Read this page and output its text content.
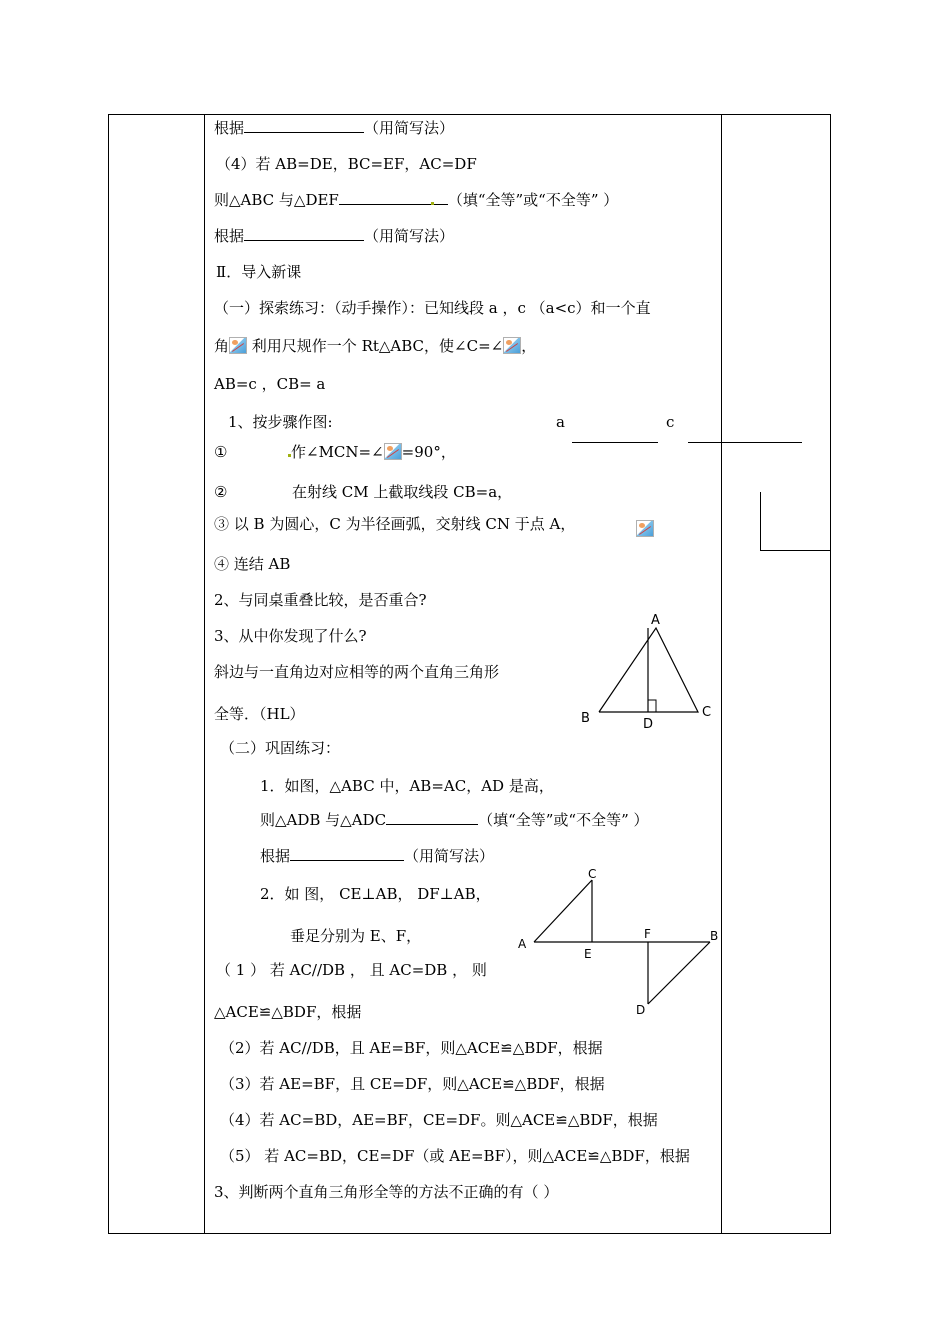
根据	（用简写法）
（4）若 AB=DE，BC=EF，AC=DF
则△ABC 与△DEF	（填“全等”或“不全等” ）
根据	（用简写法）
Ⅱ．导入新课
（一）探索练习：（动手操作）：已知线段 a ，c （a<c）和一个直
角 利用尺规作一个 Rt△ABC，使∠C=∠ ，
AB=c ，CB= a
1、按步骤作图:	a	c
①	作∠MCN=∠ =90°，
②	在射线 CM 上截取线段 CB=a，
③ 以 B 为圆心，C 为半径画弧，交射线 CN 于点 A，
④ 连结 AB
2、与同桌重叠比较，是否重合?
3、从中你发现了什么?
斜边与一直角边对应相等的两个直角三角形
全等．（HL）
A
B	C
D
（二）巩固练习：
1．如图，△ABC 中，AB=AC，AD 是高，
则△ADB 与△ADC	（填“全等”或“不全等” ）
根据	（用简写法）
2．如 图， CE⊥AB， DF⊥AB，
垂足分别为 E、F，	A
C
E
F	B
D
（ 1 ） 若 AC//DB ， 且 AC=DB ， 则
△ACE≌△BDF，根据
（2）若 AC//DB，且 AE=BF，则△ACE≌△BDF，根据
（3）若 AE=BF，且 CE=DF，则△ACE≌△BDF，根据
（4）若 AC=BD，AE=BF，CE=DF。则△ACE≌△BDF，根据
（5） 若 AC=BD，CE=DF（或 AE=BF），则△ACE≌△BDF，根据
3、判断两个直角三角形全等的方法不正确的有（ ）
